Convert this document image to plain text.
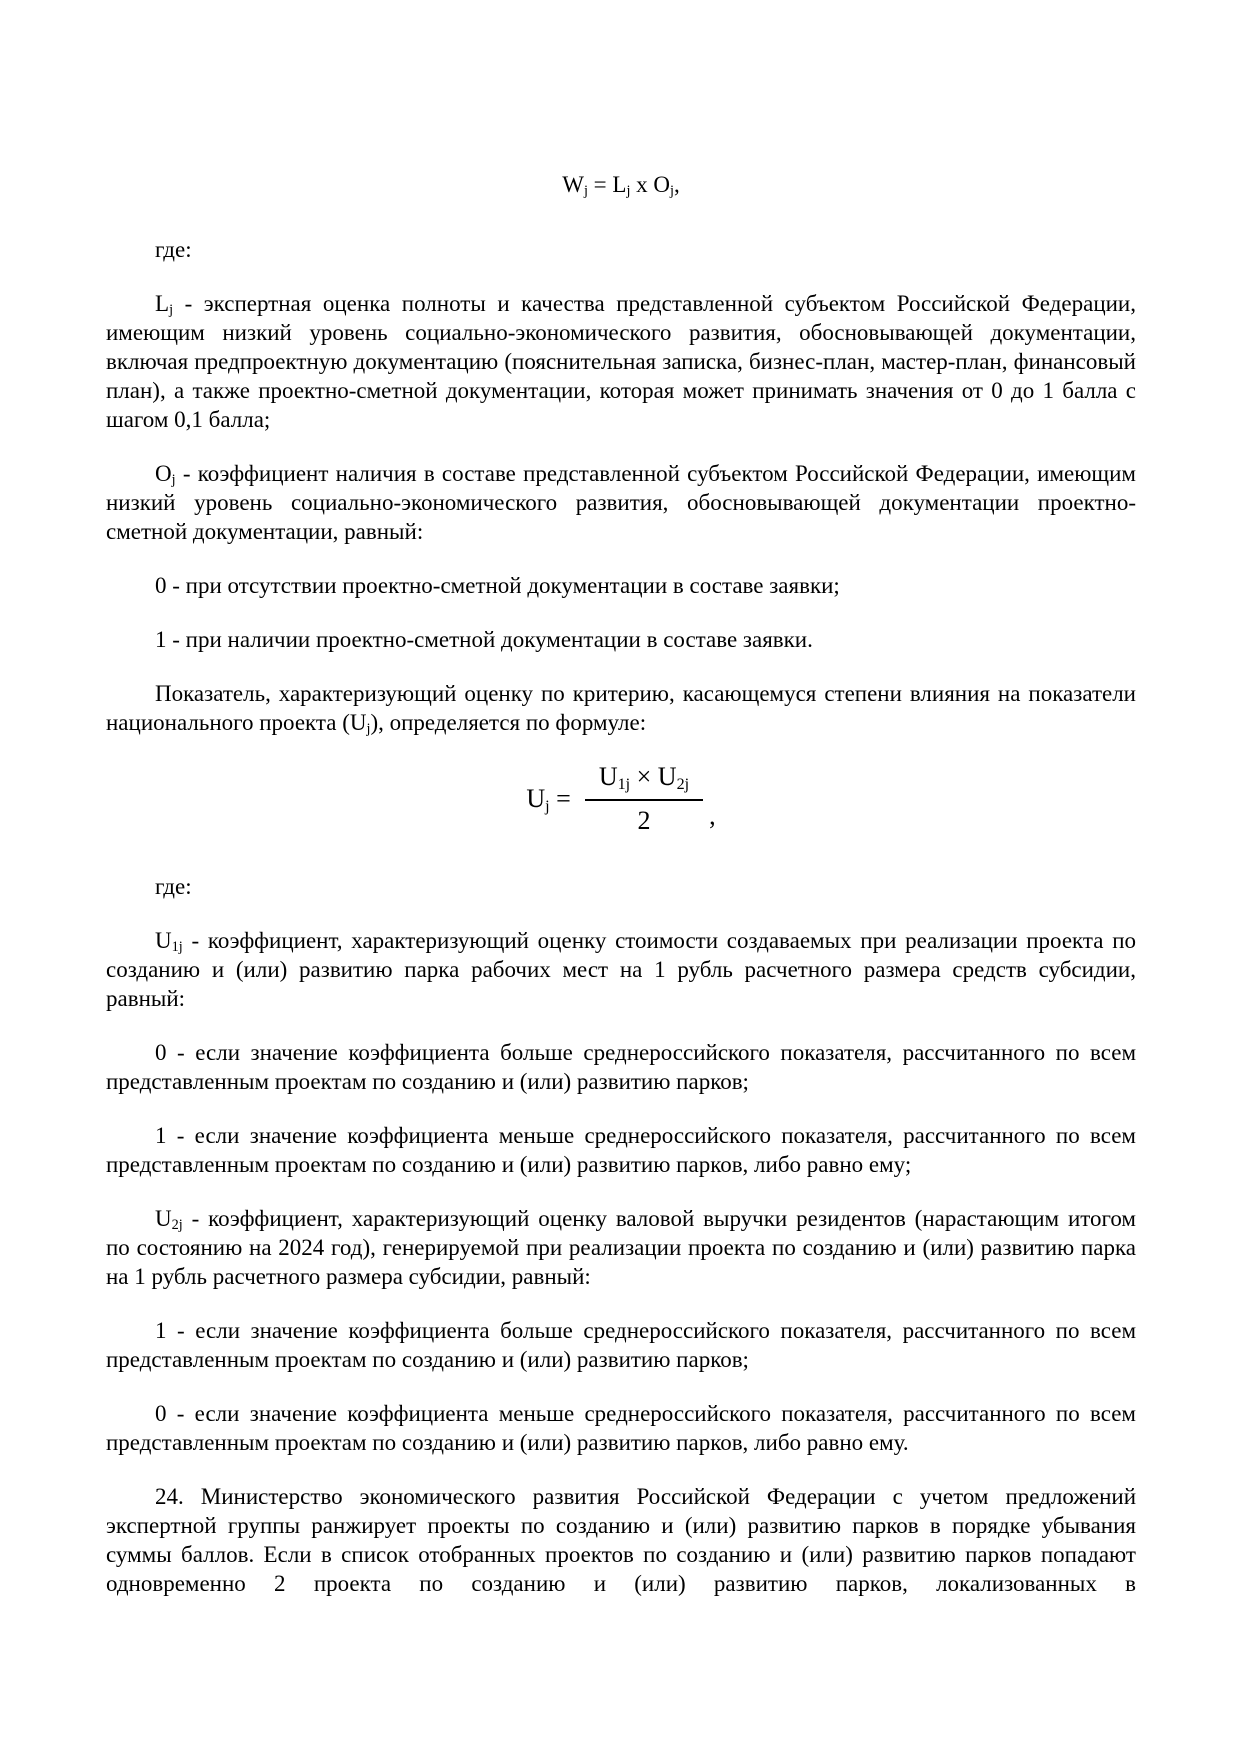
Wj = Lj x Oj,

где:

Lj - экспертная оценка полноты и качества представленной субъектом Российской Федерации, имеющим низкий уровень социально-экономического развития, обосновывающей документации, включая предпроектную документацию (пояснительная записка, бизнес-план, мастер-план, финансовый план), а также проектно-сметной документации, которая может принимать значения от 0 до 1 балла с шагом 0,1 балла;

Oj - коэффициент наличия в составе представленной субъектом Российской Федерации, имеющим низкий уровень социально-экономического развития, обосновывающей документации проектно-сметной документации, равный:

0 - при отсутствии проектно-сметной документации в составе заявки;

1 - при наличии проектно-сметной документации в составе заявки.

Показатель, характеризующий оценку по критерию, касающемуся степени влияния на показатели национального проекта (Uj), определяется по формуле:

$Uj = \frac{U1j \times U2j}{2}$ ,

где:

U1j - коэффициент, характеризующий оценку стоимости создаваемых при реализации проекта по созданию и (или) развитию парка рабочих мест на 1 рубль расчетного размера средств субсидии, равный:

0 - если значение коэффициента больше среднероссийского показателя, рассчитанного по всем представленным проектам по созданию и (или) развитию парков;

1 - если значение коэффициента меньше среднероссийского показателя, рассчитанного по всем представленным проектам по созданию и (или) развитию парков, либо равно ему;

U2j - коэффициент, характеризующий оценку валовой выручки резидентов (нарастающим итогом по состоянию на 2024 год), генерируемой при реализации проекта по созданию и (или) развитию парка на 1 рубль расчетного размера субсидии, равный:

1 - если значение коэффициента больше среднероссийского показателя, рассчитанного по всем представленным проектам по созданию и (или) развитию парков;

0 - если значение коэффициента меньше среднероссийского показателя, рассчитанного по всем представленным проектам по созданию и (или) развитию парков, либо равно ему.

24. Министерство экономического развития Российской Федерации с учетом предложений экспертной группы ранжирует проекты по созданию и (или) развитию парков в порядке убывания суммы баллов. Если в список отобранных проектов по созданию и (или) развитию парков попадают одновременно 2 проекта по созданию и (или) развитию парков, локализованных в
